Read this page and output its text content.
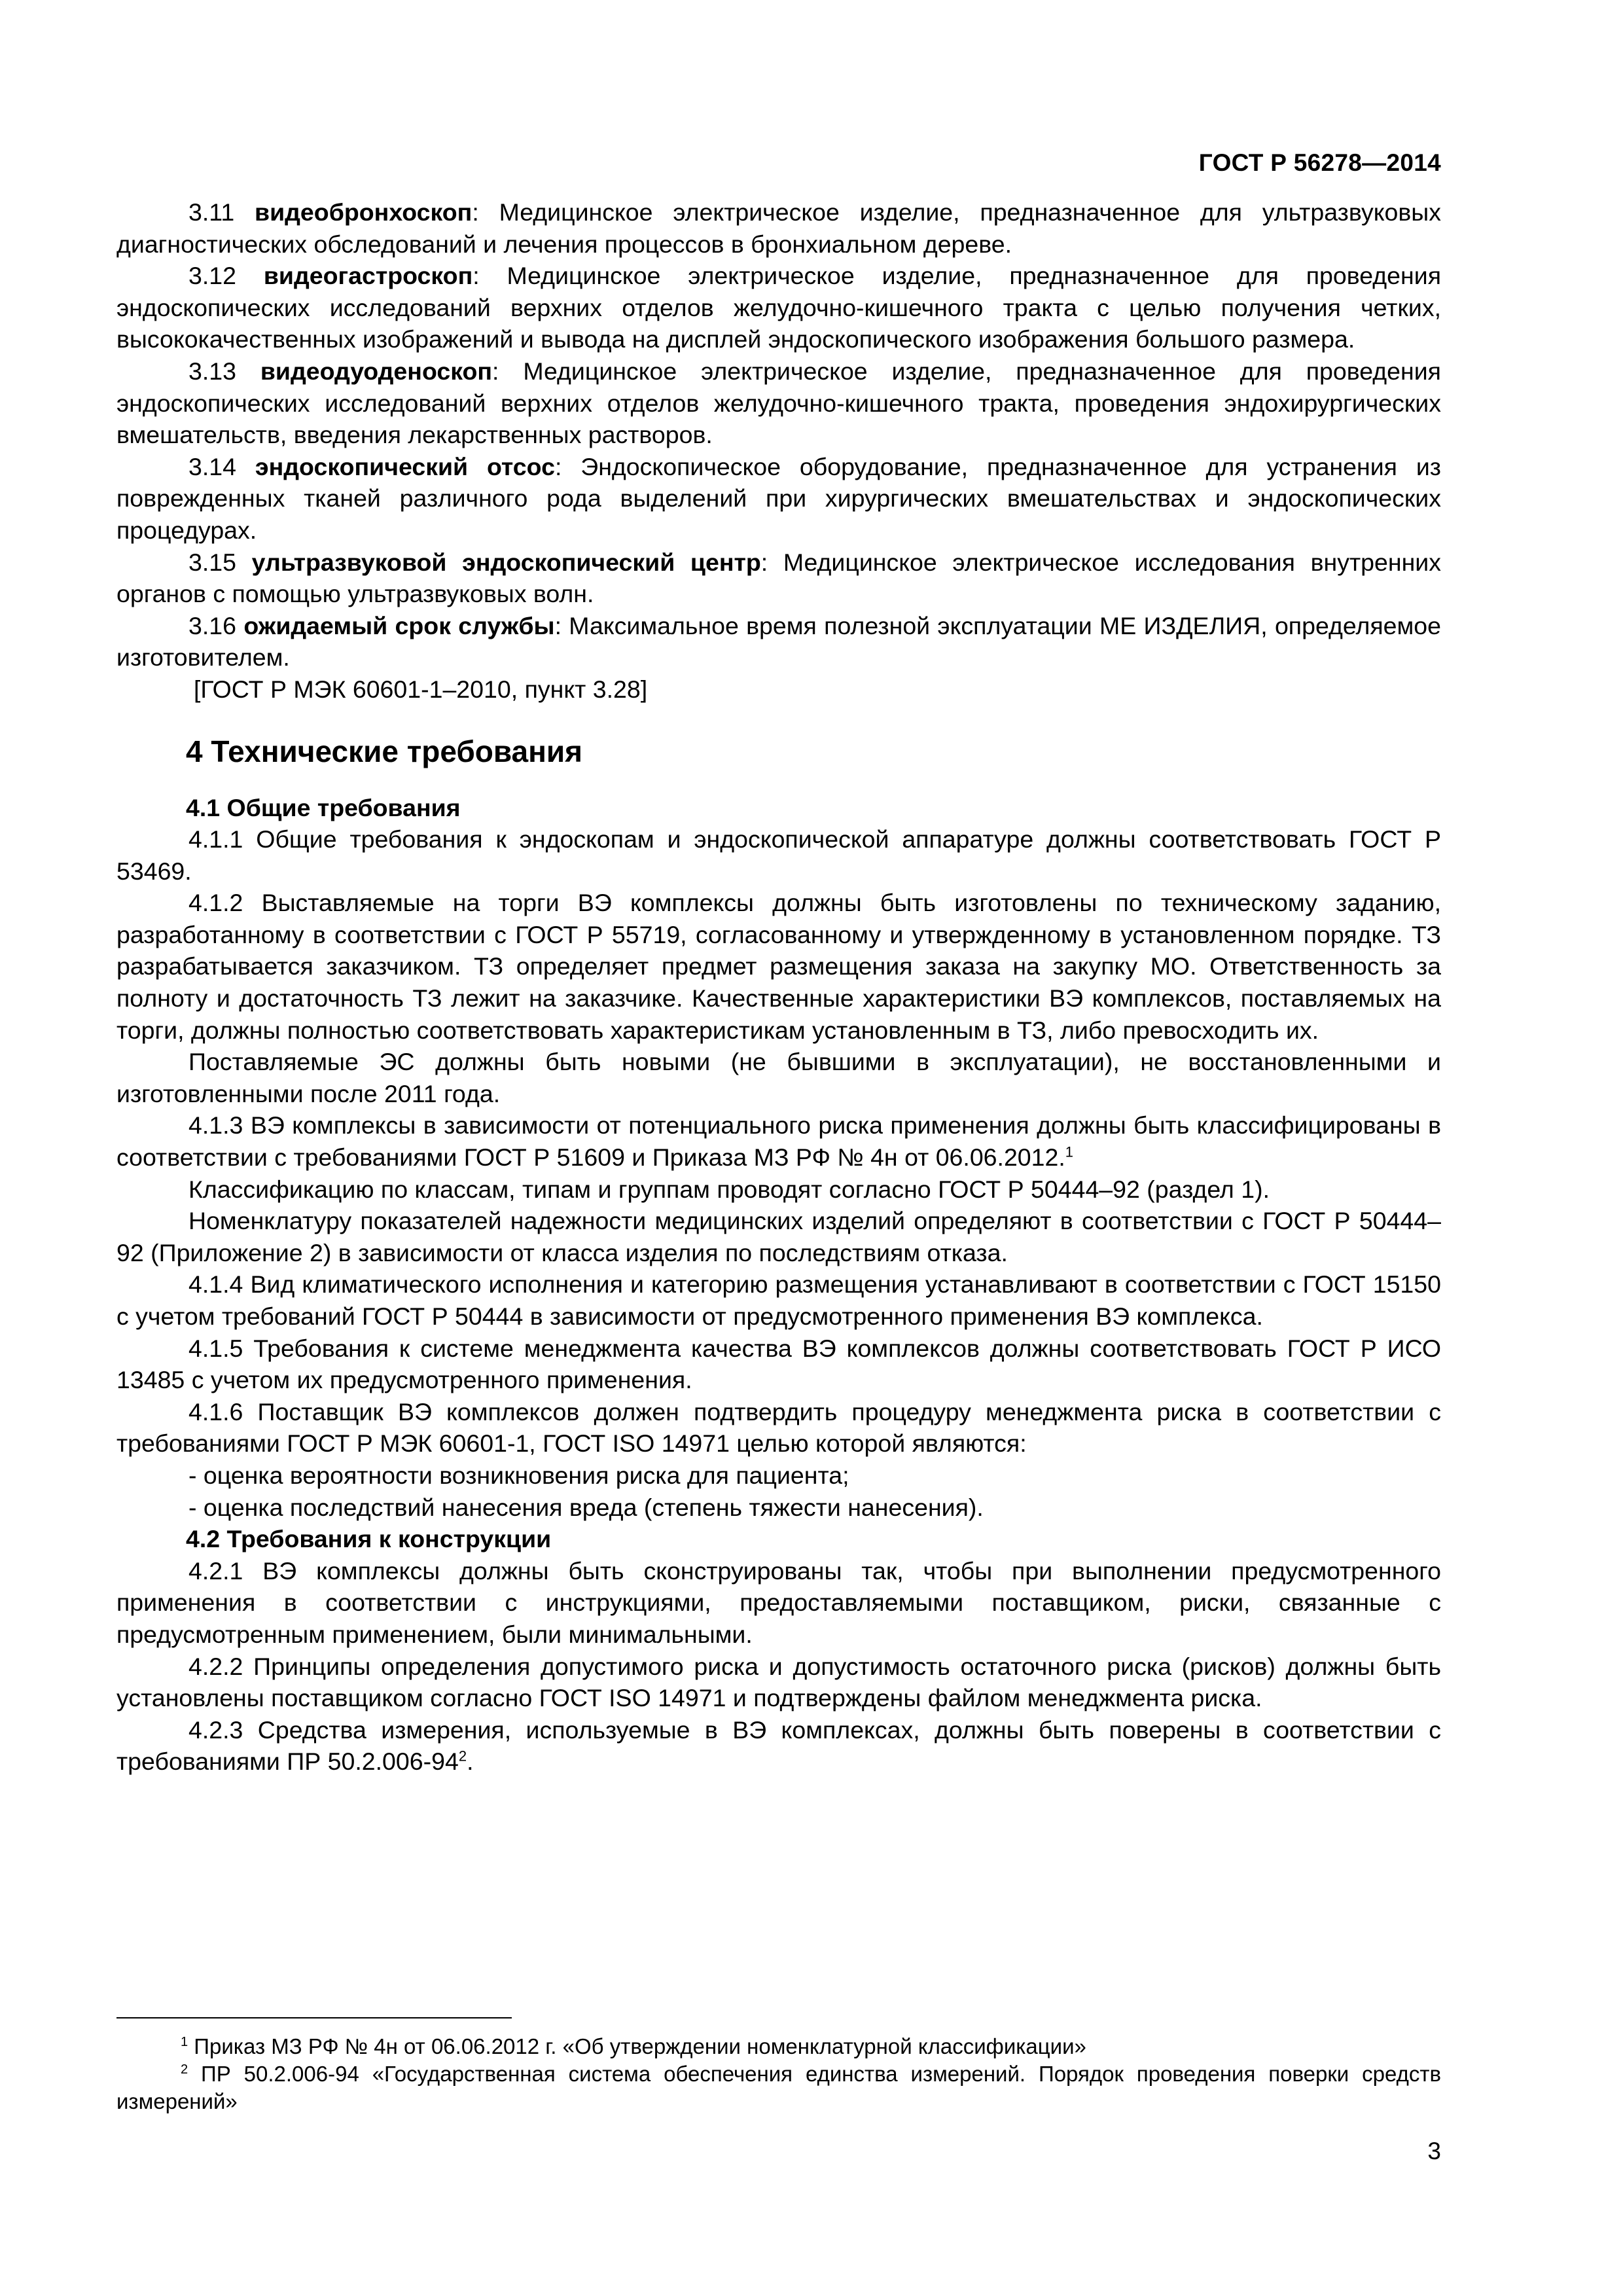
ГОСТ Р 56278—2014

3.11 видеобронхоскоп: Медицинское электрическое изделие, предназначенное для ультразвуковых диагностических обследований и лечения процессов в бронхиальном дереве.

3.12 видеогастроскоп: Медицинское электрическое изделие, предназначенное для проведения эндоскопических исследований верхних отделов желудочно-кишечного тракта с целью получения четких, высококачественных изображений и вывода на дисплей эндоскопического изображения большого размера.

3.13 видеодуоденоскоп: Медицинское электрическое изделие, предназначенное для проведения эндоскопических исследований верхних отделов желудочно-кишечного тракта, проведения эндохирургических вмешательств, введения лекарственных растворов.

3.14 эндоскопический отсос: Эндоскопическое оборудование, предназначенное для устранения из поврежденных тканей различного рода выделений при хирургических вмешательствах и эндоскопических процедурах.

3.15 ультразвуковой эндоскопический центр: Медицинское электрическое исследования внутренних органов с помощью ультразвуковых волн.

3.16 ожидаемый срок службы: Максимальное время полезной эксплуатации МЕ ИЗДЕЛИЯ, определяемое изготовителем.

[ГОСТ Р МЭК 60601-1–2010, пункт 3.28]

4 Технические требования

4.1 Общие требования

4.1.1 Общие требования к эндоскопам и эндоскопической аппаратуре должны соответствовать ГОСТ Р 53469.

4.1.2 Выставляемые на торги ВЭ комплексы должны быть изготовлены по техническому заданию, разработанному в соответствии с ГОСТ Р 55719, согласованному и утвержденному в установленном порядке. ТЗ разрабатывается заказчиком. ТЗ определяет предмет размещения заказа на закупку МО. Ответственность за полноту и достаточность ТЗ лежит на заказчике. Качественные характеристики ВЭ комплексов, поставляемых на торги, должны полностью соответствовать характеристикам установленным в ТЗ, либо превосходить их.

Поставляемые ЭС должны быть новыми (не бывшими в эксплуатации), не восстановленными и изготовленными после 2011 года.

4.1.3 ВЭ комплексы в зависимости от потенциального риска применения должны быть классифицированы в соответствии с требованиями ГОСТ Р 51609 и Приказа МЗ РФ № 4н от 06.06.2012.$^1$

Классификацию по классам, типам и группам проводят согласно ГОСТ Р 50444–92 (раздел 1).

Номенклатуру показателей надежности медицинских изделий определяют в соответствии с ГОСТ Р 50444–92 (Приложение 2) в зависимости от класса изделия по последствиям отказа.

4.1.4 Вид климатического исполнения и категорию размещения устанавливают в соответствии с ГОСТ 15150 с учетом требований ГОСТ Р 50444 в зависимости от предусмотренного применения ВЭ комплекса.

4.1.5 Требования к системе менеджмента качества ВЭ комплексов должны соответствовать ГОСТ Р ИСО 13485 с учетом их предусмотренного применения.

4.1.6 Поставщик ВЭ комплексов должен подтвердить процедуру менеджмента риска в соответствии с требованиями ГОСТ Р МЭК 60601-1, ГОСТ ISO 14971 целью которой являются:

- оценка вероятности возникновения риска для пациента;

- оценка последствий нанесения вреда (степень тяжести нанесения).

4.2 Требования к конструкции

4.2.1 ВЭ комплексы должны быть сконструированы так, чтобы при выполнении предусмотренного применения в соответствии с инструкциями, предоставляемыми поставщиком, риски, связанные с предусмотренным применением, были минимальными.

4.2.2 Принципы определения допустимого риска и допустимость остаточного риска (рисков) должны быть установлены поставщиком согласно ГОСТ ISO 14971 и подтверждены файлом менеджмента риска.

4.2.3 Средства измерения, используемые в ВЭ комплексах, должны быть поверены в соответствии с требованиями ПР $50.2.006-94^2$.

$^1$ Приказ МЗ РФ № 4н от 06.06.2012 г. «Об утверждении номенклатурной классификации»

$^2$ ПР 50.2.006-94 «Государственная система обеспечения единства измерений. Порядок проведения поверки средств измерений»

3
